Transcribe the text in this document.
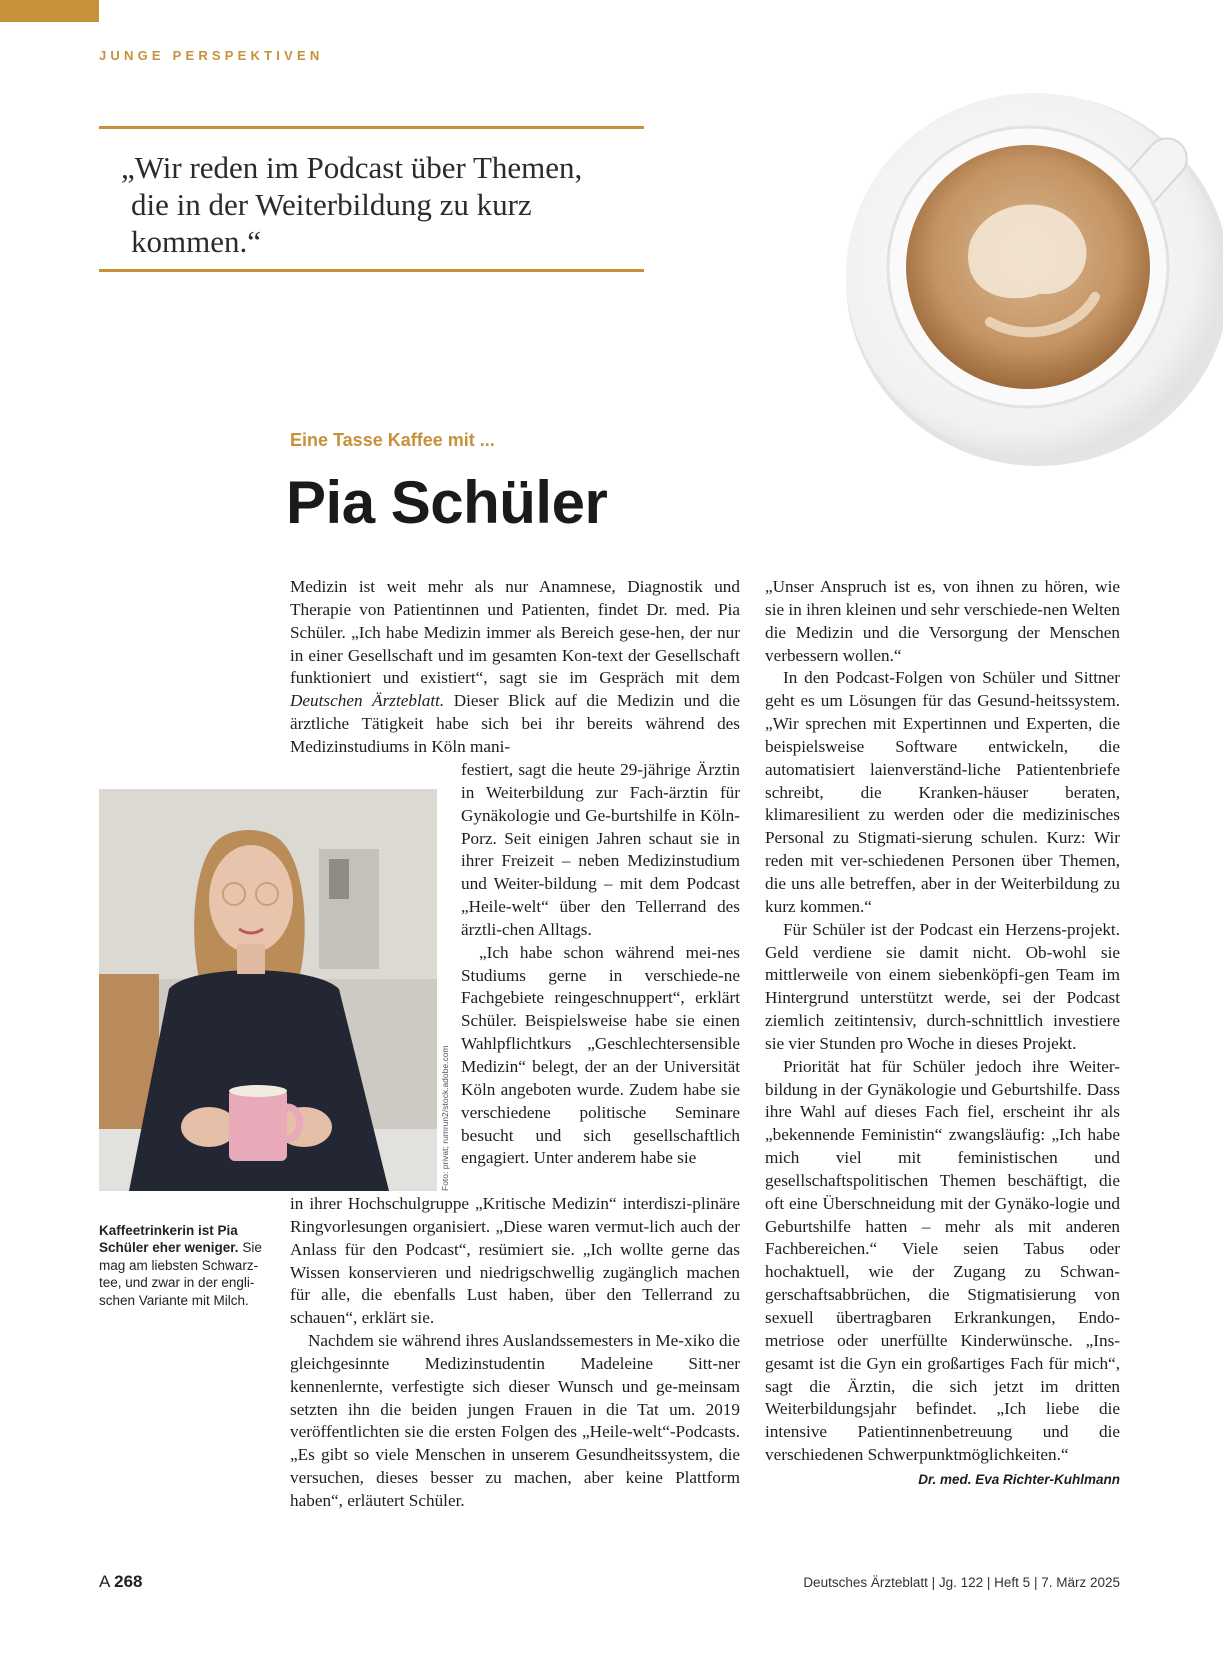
JUNGE PERSPEKTIVEN

„Wir reden im Podcast über Themen,
die in der Weiterbildung zu kurz
kommen.“

Eine Tasse Kaffee mit ...
Pia Schüler

Medizin ist weit mehr als nur Anamnese, Diagnostik und Therapie von Patientinnen und Patienten, findet Dr. med. Pia Schüler. „Ich habe Medizin immer als Bereich gese-hen, der nur in einer Gesellschaft und im gesamten Kon-text der Gesellschaft funktioniert und existiert“, sagt sie im Gespräch mit dem Deutschen Ärzteblatt. Dieser Blick auf die Medizin und die ärztliche Tätigkeit habe sich bei ihr bereits während des Medizinstudiums in Köln mani-

festiert, sagt die heute 29-jährige Ärztin in Weiterbildung zur Fach-ärztin für Gynäkologie und Ge-burtshilfe in Köln-Porz. Seit einigen Jahren schaut sie in ihrer Freizeit – neben Medizinstudium und Weiter-bildung – mit dem Podcast „Heile-welt“ über den Tellerrand des ärztli-chen Alltags.

„Ich habe schon während mei-nes Studiums gerne in verschiede-ne Fachgebiete reingeschnuppert“, erklärt Schüler. Beispielsweise habe sie einen Wahlpflichtkurs „Geschlechtersensible Medizin“ belegt, der an der Universität Köln angeboten wurde. Zudem habe sie verschiedene politische Seminare besucht und sich gesellschaftlich engagiert. Unter anderem habe sie

in ihrer Hochschulgruppe „Kritische Medizin“ interdiszi-plinäre Ringvorlesungen organisiert. „Diese waren vermut-lich auch der Anlass für den Podcast“, resümiert sie. „Ich wollte gerne das Wissen konservieren und niedrigschwellig zugänglich machen für alle, die ebenfalls Lust haben, über den Tellerrand zu schauen“, erklärt sie.

Nachdem sie während ihres Auslandssemesters in Me-xiko die gleichgesinnte Medizinstudentin Madeleine Sitt-ner kennenlernte, verfestigte sich dieser Wunsch und ge-meinsam setzten ihn die beiden jungen Frauen in die Tat um. 2019 veröffentlichten sie die ersten Folgen des „Heile-welt“-Podcasts. „Es gibt so viele Menschen in unserem Gesundheitssystem, die versuchen, dieses besser zu machen, aber keine Plattform haben“, erläutert Schüler.

„Unser Anspruch ist es, von ihnen zu hören, wie sie in ihren kleinen und sehr verschiede-nen Welten die Medizin und die Versorgung der Menschen verbessern wollen.“

In den Podcast-Folgen von Schüler und Sittner geht es um Lösungen für das Gesund-heitssystem. „Wir sprechen mit Expertinnen und Experten, die beispielsweise Software entwickeln, die automatisiert laienverständ-liche Patientenbriefe schreibt, die Kranken-häuser beraten, klimaresilient zu werden oder die medizinisches Personal zu Stigmati-sierung schulen. Kurz: Wir reden mit ver-schiedenen Personen über Themen, die uns alle betreffen, aber in der Weiterbildung zu kurz kommen.“

Für Schüler ist der Podcast ein Herzens-projekt. Geld verdiene sie damit nicht. Ob-wohl sie mittlerweile von einem siebenköpfi-gen Team im Hintergrund unterstützt werde, sei der Podcast ziemlich zeitintensiv, durch-schnittlich investiere sie vier Stunden pro Woche in dieses Projekt.

Priorität hat für Schüler jedoch ihre Weiter-bildung in der Gynäkologie und Geburtshilfe. Dass ihre Wahl auf dieses Fach fiel, erscheint ihr als „bekennende Feministin“ zwangsläufig: „Ich habe mich viel mit feministischen und gesellschaftspolitischen Themen beschäftigt, die oft eine Überschneidung mit der Gynäko-logie und Geburtshilfe hatten – mehr als mit anderen Fachbereichen.“ Viele seien Tabus oder hochaktuell, wie der Zugang zu Schwan-gerschaftsabbrüchen, die Stigmatisierung von sexuell übertragbaren Erkrankungen, Endo-metriose oder unerfüllte Kinderwünsche. „Ins-gesamt ist die Gyn ein großartiges Fach für mich“, sagt die Ärztin, die sich jetzt im dritten Weiterbildungsjahr befindet. „Ich liebe die intensive Patientinnenbetreuung und die verschiedenen Schwerpunktmöglichkeiten.“

Dr. med. Eva Richter-Kuhlmann

Foto: privat; rumrun2/stock.adobe.com
Kaffeetrinkerin ist Pia Schüler eher weniger. Sie mag am liebsten Schwarz-tee, und zwar in der engli-schen Variante mit Milch.
A 268	Deutsches Ärzteblatt | Jg. 122 | Heft 5 | 7. März 2025
